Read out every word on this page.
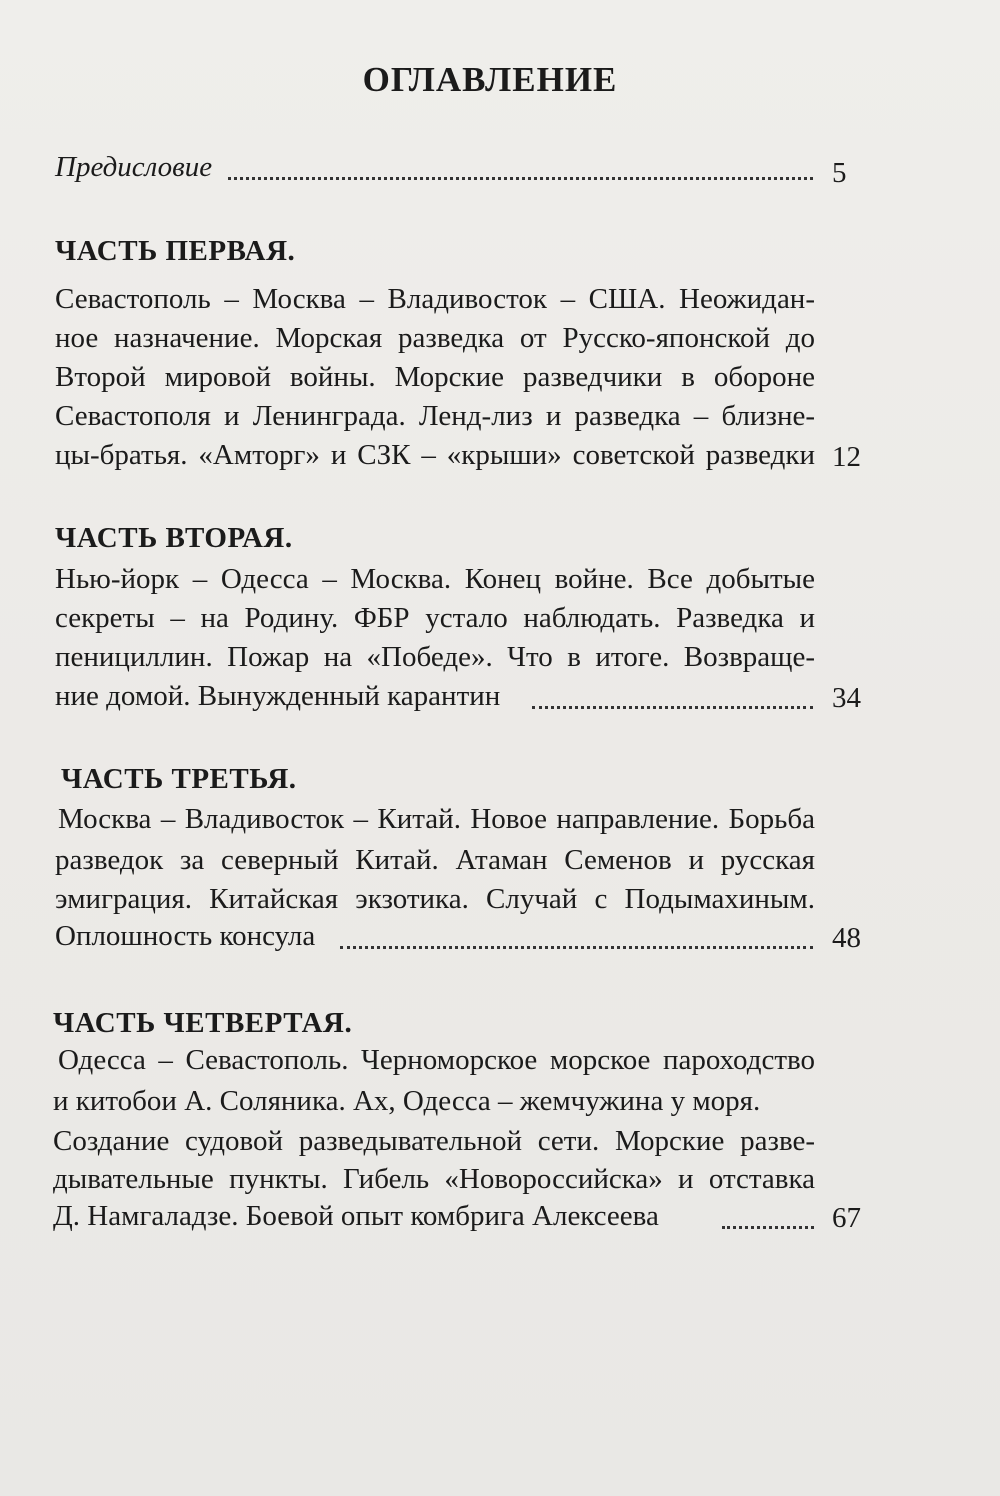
ОГЛАВЛЕНИЕ
Предисловие	5
ЧАСТЬ ПЕРВАЯ.
Севастополь – Москва – Владивосток – США. Неожидан-
ное назначение. Морская разведка от Русско-японской до
Второй мировой войны. Морские разведчики в обороне
Севастополя и Ленинграда. Ленд-лиз и разведка – близне-
цы-братья. «Амторг» и СЗК – «крыши» советской разведки 12
ЧАСТЬ ВТОРАЯ.
Нью-йорк – Одесса – Москва. Конец войне. Все добытые
секреты – на Родину. ФБР устало наблюдать. Разведка и
пенициллин. Пожар на «Победе». Что в итоге. Возвраще-
ние домой. Вынужденный карантин	34
ЧАСТЬ ТРЕТЬЯ.
Москва – Владивосток – Китай. Новое направление. Борьба
разведок за северный Китай. Атаман Семенов и русская
эмиграция. Китайская экзотика. Случай с Подымахиным.
Оплошность консула	48
ЧАСТЬ ЧЕТВЕРТАЯ.
Одесса – Севастополь. Черноморское морское пароходство
и китобои А. Соляника. Ах, Одесса – жемчужина у моря.
Создание судовой разведывательной сети. Морские разве-
дывательные пункты. Гибель «Новороссийска» и отставка
Д. Намгаладзе. Боевой опыт комбрига Алексеева	67
